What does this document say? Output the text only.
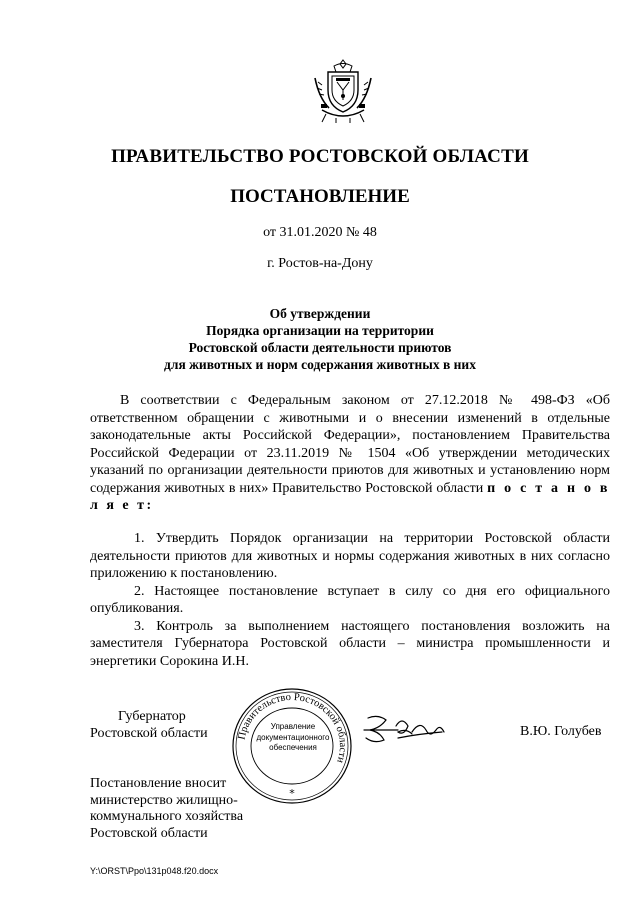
ПРАВИТЕЛЬСТВО РОСТОВСКОЙ ОБЛАСТИ
ПОСТАНОВЛЕНИЕ
от 31.01.2020 № 48
г. Ростов-на-Дону
Об утверждении
Порядка организации на территории
Ростовской области деятельности приютов
для животных и норм содержания животных в них

В соответствии с Федеральным законом от 27.12.2018 № 498-ФЗ «Об ответственном обращении с животными и о внесении изменений в отдельные законодательные акты Российской Федерации», постановлением Правительства Российской Федерации от 23.11.2019 № 1504 «Об утверждении методических указаний по организации деятельности приютов для животных и установлению норм содержания животных в них» Правительство Ростовской области п о с т а н о в л я е т:

1. Утвердить Порядок организации на территории Ростовской области деятельности приютов для животных и нормы содержания животных в них согласно приложению к постановлению.

2. Настоящее постановление вступает в силу со дня его официального опубликования.

3. Контроль за выполнением настоящего постановления возложить на заместителя Губернатора Ростовской области – министра промышленности и энергетики Сорокина И.Н.

Губернатор
Ростовской области	Правительство Ростовской области
*
Управление
документационного
обеспечения
В.Ю. Голубев
Постановление вносит
министерство жилищно-
коммунального хозяйства
Ростовской области
Y:\ORST\Ppo\131p048.f20.docx
